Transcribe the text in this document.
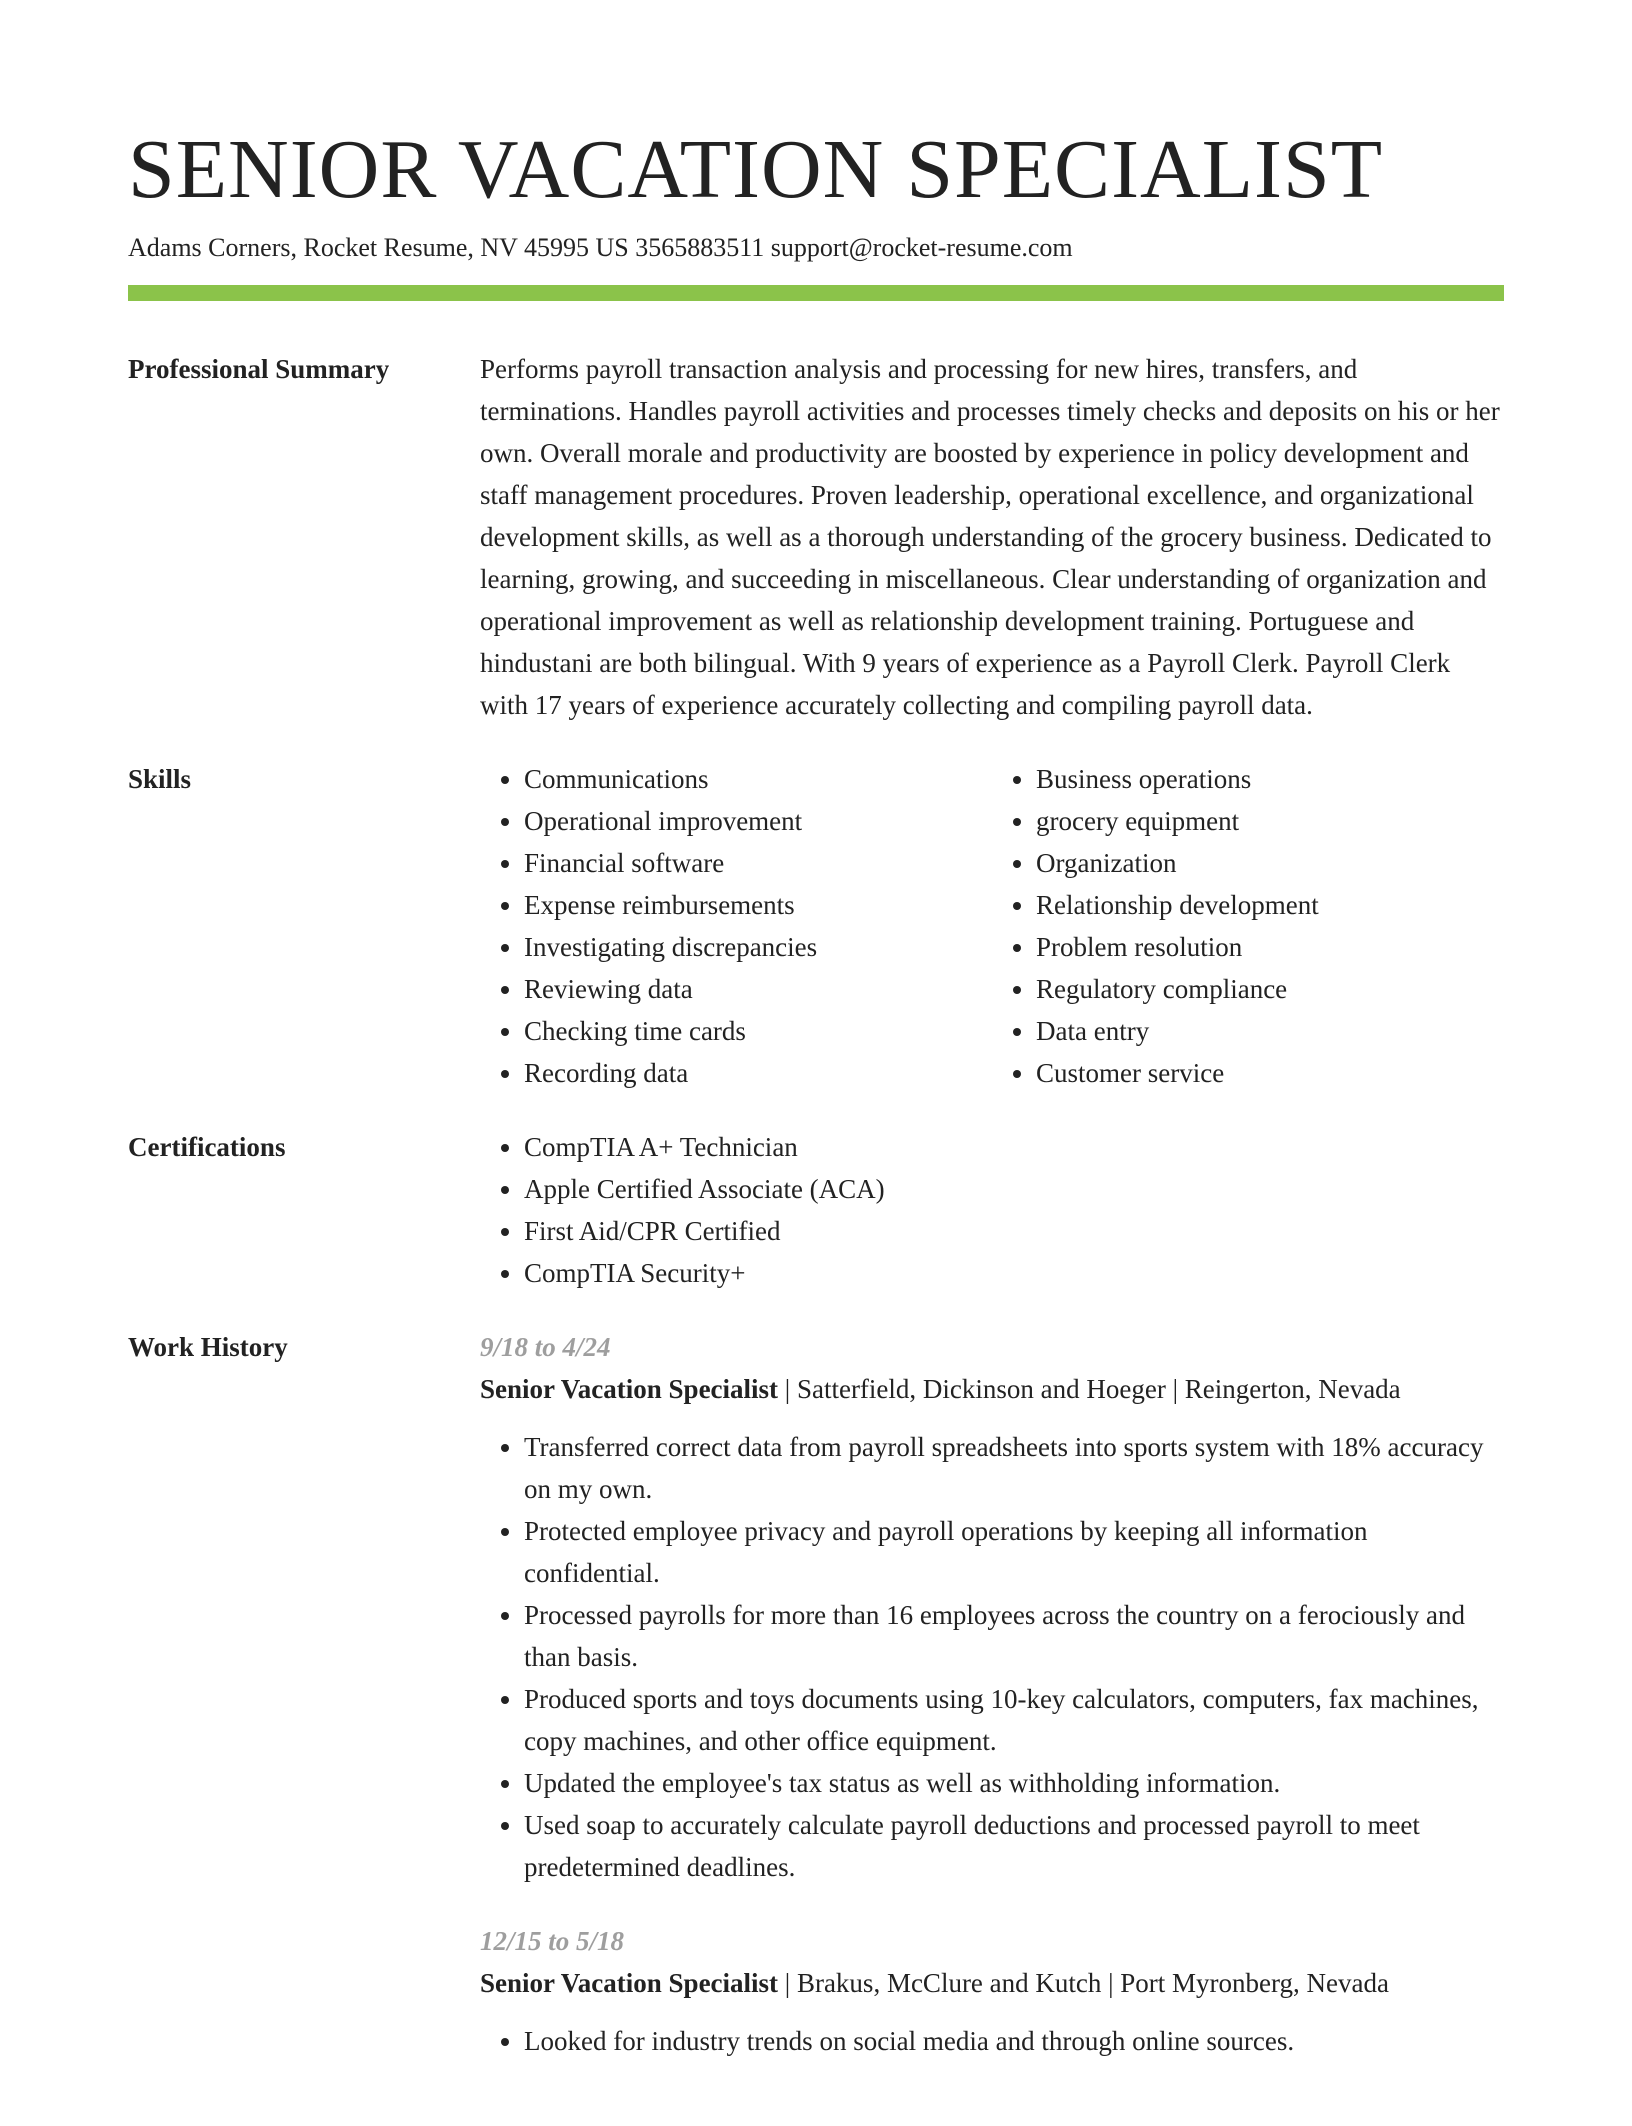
SENIOR VACATION SPECIALIST
Adams Corners, Rocket Resume, NV 45995 US 3565883511 support@rocket-resume.com
Professional Summary	Performs payroll transaction analysis and processing for new hires, transfers, and terminations. Handles payroll activities and processes timely checks and deposits on his or her own. Overall morale and productivity are boosted by experience in policy development and staff management procedures. Proven leadership, operational excellence, and organizational development skills, as well as a thorough understanding of the grocery business. Dedicated to learning, growing, and succeeding in miscellaneous. Clear understanding of organization and operational improvement as well as relationship development training. Portuguese and hindustani are both bilingual. With 9 years of experience as a Payroll Clerk. Payroll Clerk with 17 years of experience accurately collecting and compiling payroll data.

Skills	• Communications
• Operational improvement
• Financial software
• Expense reimbursements
• Investigating discrepancies
• Reviewing data
• Checking time cards
• Recording data
• Business operations
• grocery equipment
• Organization
• Relationship development
• Problem resolution
• Regulatory compliance
• Data entry
• Customer service
Certifications	• CompTIA A+ Technician
• Apple Certified Associate (ACA)
• First Aid/CPR Certified
• CompTIA Security+
Work History	9/18 to 4/24
Senior Vacation Specialist | Satterfield, Dickinson and Hoeger | Reingerton, Nevada
• Transferred correct data from payroll spreadsheets into sports system with 18% accuracy on my own.
• Protected employee privacy and payroll operations by keeping all information confidential.
• Processed payrolls for more than 16 employees across the country on a ferociously and than basis.
• Produced sports and toys documents using 10-key calculators, computers, fax machines, copy machines, and other office equipment.
• Updated the employee's tax status as well as withholding information.
• Used soap to accurately calculate payroll deductions and processed payroll to meet predetermined deadlines.
12/15 to 5/18
Senior Vacation Specialist | Brakus, McClure and Kutch | Port Myronberg, Nevada
• Looked for industry trends on social media and through online sources.
